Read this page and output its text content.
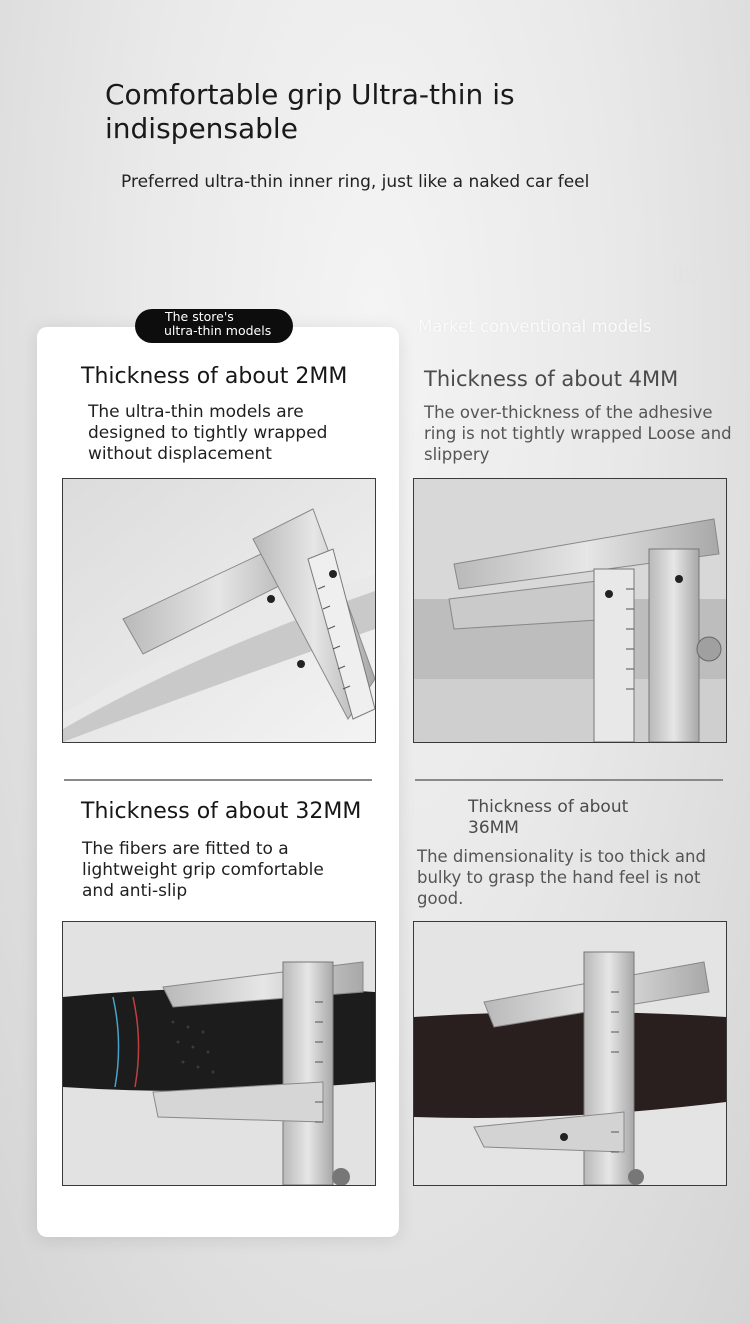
Comfortable grip Ultra-thin is indispensable
Preferred ultra-thin inner ring, just like a naked car feel
奥莲
The store's
ultra-thin models	Market conventional models
Thickness of about 2MM
The ultra-thin models are designed to tightly wrapped without displacement
Thickness of about 4MM
The over-thickness of the adhesive ring is not tightly wrapped Loose and slippery
Thickness of about 32MM
The fibers are fitted to a lightweight grip comfortable and anti-slip
Thickness of about
36MM
The dimensionality is too thick and bulky to grasp the hand feel is not good.
